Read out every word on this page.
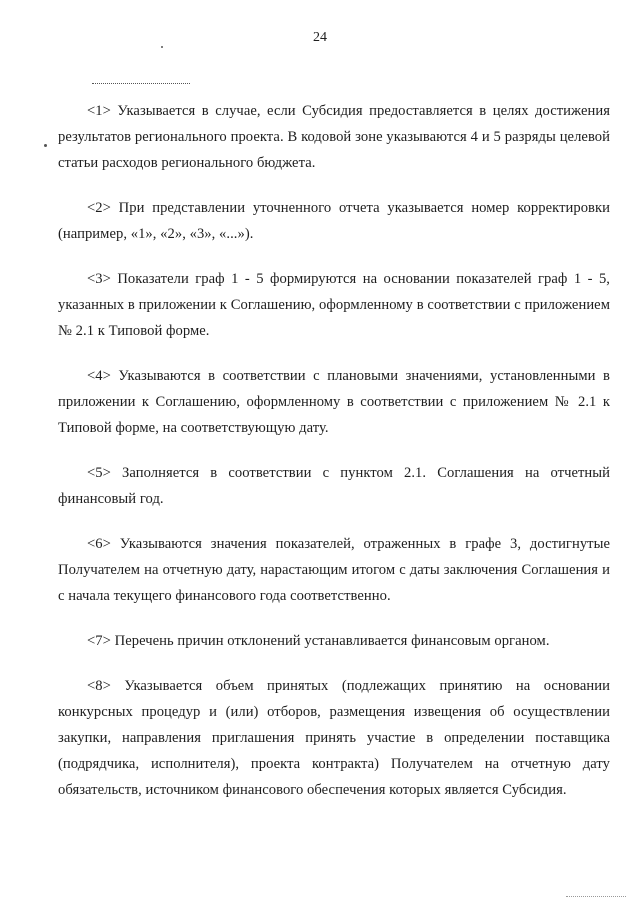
24

<1> Указывается в случае, если Субсидия предоставляется в целях достижения результатов регионального проекта. В кодовой зоне указываются 4 и 5 разряды целевой статьи расходов регионального бюджета.

<2> При представлении уточненного отчета указывается номер корректировки (например, «1», «2», «3», «...»).

<3> Показатели граф 1 - 5 формируются на основании показателей граф 1 - 5, указанных в приложении к Соглашению, оформленному в соответствии с приложением № 2.1 к Типовой форме.

<4> Указываются в соответствии с плановыми значениями, установленными в приложении к Соглашению, оформленному в соответствии с приложением № 2.1 к Типовой форме, на соответствующую дату.

<5> Заполняется в соответствии с пунктом 2.1. Соглашения на отчетный финансовый год.

<6> Указываются значения показателей, отраженных в графе 3, достигнутые Получателем на отчетную дату, нарастающим итогом с даты заключения Соглашения и с начала текущего финансового года соответственно.

<7> Перечень причин отклонений устанавливается финансовым органом.

<8> Указывается объем принятых (подлежащих принятию на основании конкурсных процедур и (или) отборов, размещения извещения об осуществлении закупки, направления приглашения принять участие в определении поставщика (подрядчика, исполнителя), проекта контракта) Получателем на отчетную дату обязательств, источником финансового обеспечения которых является Субсидия.
